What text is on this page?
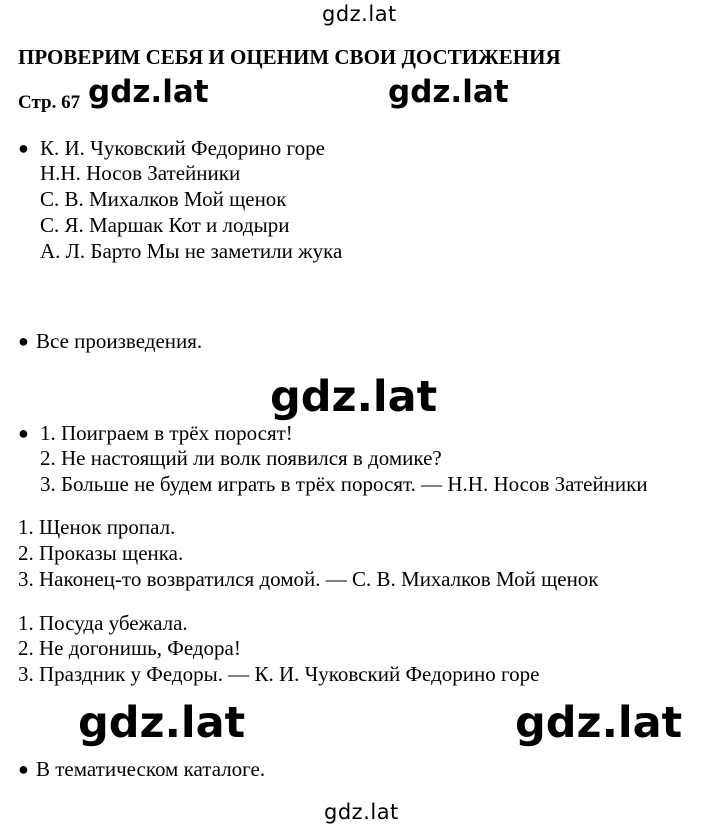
gdz.lat
gdz.lat	gdz.lat
gdz.lat
gdz.lat	gdz.lat
gdz.lat
ПРОВЕРИМ СЕБЯ И ОЦЕНИМ СВОИ ДОСТИЖЕНИЯ
Стр. 67
● К. И. Чуковский Федорино горе
Н.Н. Носов Затейники
С. В. Михалков Мой щенок
С. Я. Маршак Кот и лодыри
А. Л. Барто Мы не заметили жука
● Все произведения.
● 1. Поиграем в трёх поросят!
2. Не настоящий ли волк появился в домике?
3. Больше не будем играть в трёх поросят. — Н.Н. Носов Затейники
1. Щенок пропал.
2. Проказы щенка.
3. Наконец-то возвратился домой. — С. В. Михалков Мой щенок
1. Посуда убежала.
2. Не догонишь, Федора!
3. Праздник у Федоры. — К. И. Чуковский Федорино горе
● В тематическом каталоге.
